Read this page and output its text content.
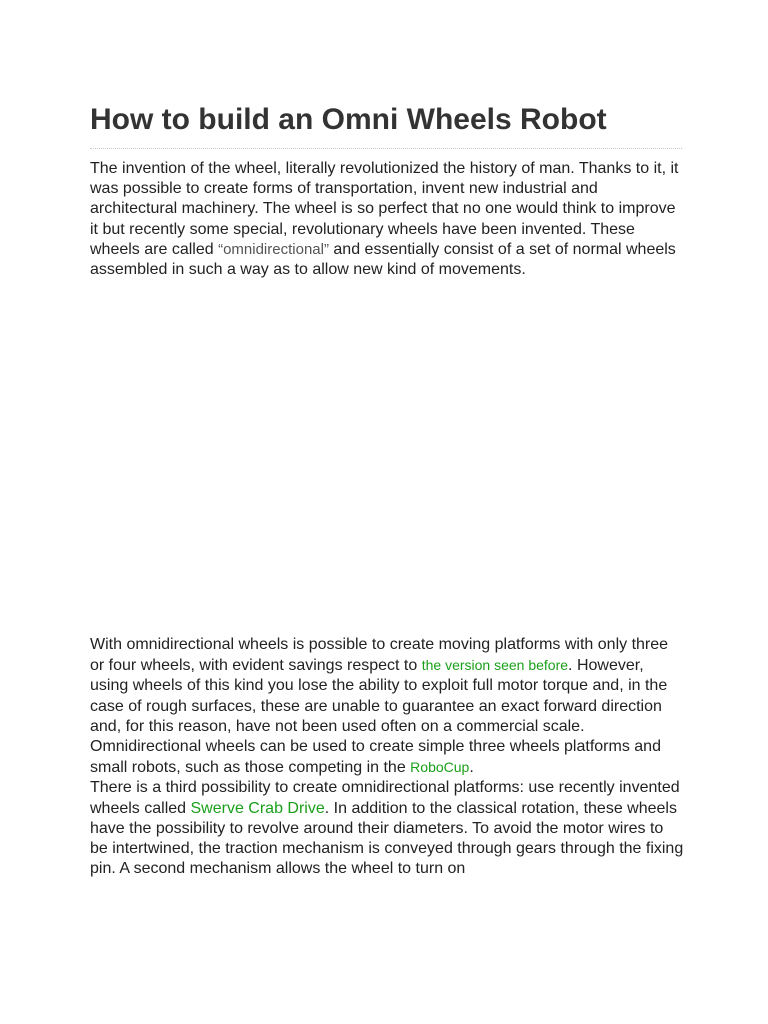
How to build an Omni Wheels Robot

The invention of the wheel, literally revolutionized the history of man. Thanks to it, it was possible to create forms of transportation, invent new industrial and architectural machinery. The wheel is so perfect that no one would think to improve it but recently some special, revolutionary wheels have been invented. These wheels are called “omnidirectional” and essentially consist of a set of normal wheels assembled in such a way as to allow new kind of movements.

With omnidirectional wheels is possible to create moving platforms with only three or four wheels, with evident savings respect to the version seen before. However, using wheels of this kind you lose the ability to exploit full motor torque and, in the case of rough surfaces, these are unable to guarantee an exact forward direction and, for this reason, have not been used often on a commercial scale.
Omnidirectional wheels can be used to create simple three wheels platforms and small robots, such as those competing in the RoboCup.
There is a third possibility to create omnidirectional platforms: use recently invented wheels called Swerve Crab Drive. In addition to the classical rotation, these wheels have the possibility to revolve around their diameters. To avoid the motor wires to be intertwined, the traction mechanism is conveyed through gears through the fixing pin. A second mechanism allows the wheel to turn on
